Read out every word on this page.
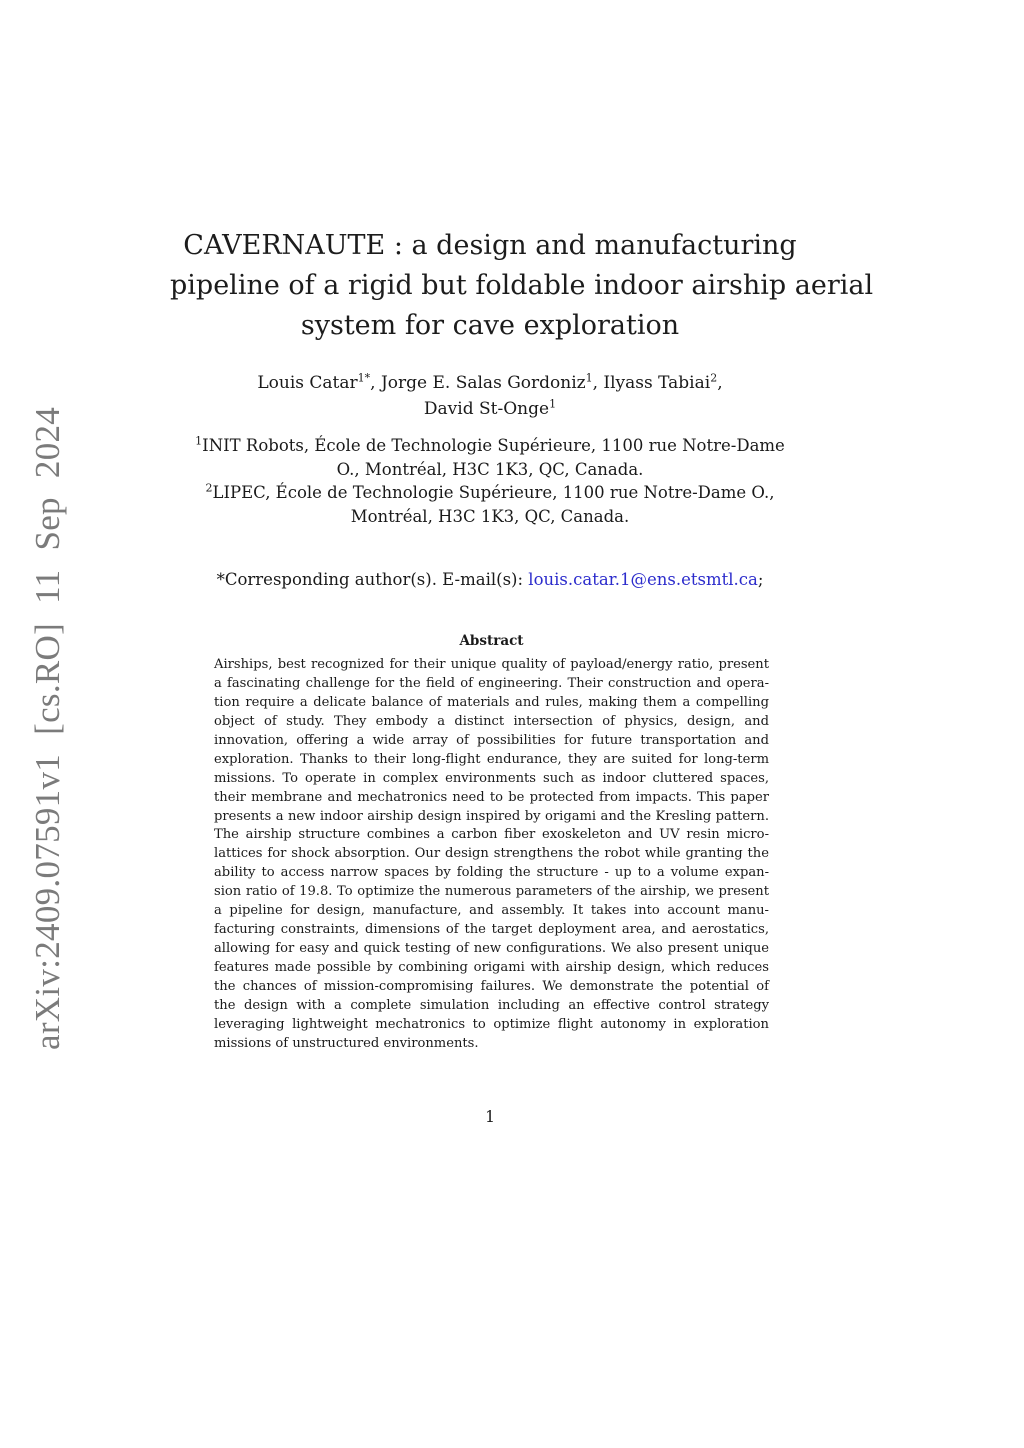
arXiv:2409.07591v1 [cs.RO] 11 Sep 2024
CAVERNAUTE : a design and manufacturing
pipeline of a rigid but foldable indoor airship aerial
system for cave exploration
Louis Catar$^{1*}$, Jorge E. Salas Gordoniz$^1$, Ilyass Tabiai$^2$,
David St-Onge$^1$
$^1$INIT Robots, École de Technologie Supérieure, 1100 rue Notre-Dame
O., Montréal, H3C 1K3, QC, Canada.
$^2$LIPEC, École de Technologie Supérieure, 1100 rue Notre-Dame O.,
Montréal, H3C 1K3, QC, Canada.
*Corresponding author(s). E-mail(s): louis.catar.1@ens.etsmtl.ca;
Abstract
Airships, best recognized for their unique quality of payload/energy ratio, present
a fascinating challenge for the field of engineering. Their construction and opera-
tion require a delicate balance of materials and rules, making them a compelling
object of study. They embody a distinct intersection of physics, design, and
innovation, offering a wide array of possibilities for future transportation and
exploration. Thanks to their long-flight endurance, they are suited for long-term
missions. To operate in complex environments such as indoor cluttered spaces,
their membrane and mechatronics need to be protected from impacts. This paper
presents a new indoor airship design inspired by origami and the Kresling pattern.
The airship structure combines a carbon fiber exoskeleton and UV resin micro-
lattices for shock absorption. Our design strengthens the robot while granting the
ability to access narrow spaces by folding the structure - up to a volume expan-
sion ratio of 19.8. To optimize the numerous parameters of the airship, we present
a pipeline for design, manufacture, and assembly. It takes into account manu-
facturing constraints, dimensions of the target deployment area, and aerostatics,
allowing for easy and quick testing of new configurations. We also present unique
features made possible by combining origami with airship design, which reduces
the chances of mission-compromising failures. We demonstrate the potential of
the design with a complete simulation including an effective control strategy
leveraging lightweight mechatronics to optimize flight autonomy in exploration
missions of unstructured environments.
1
